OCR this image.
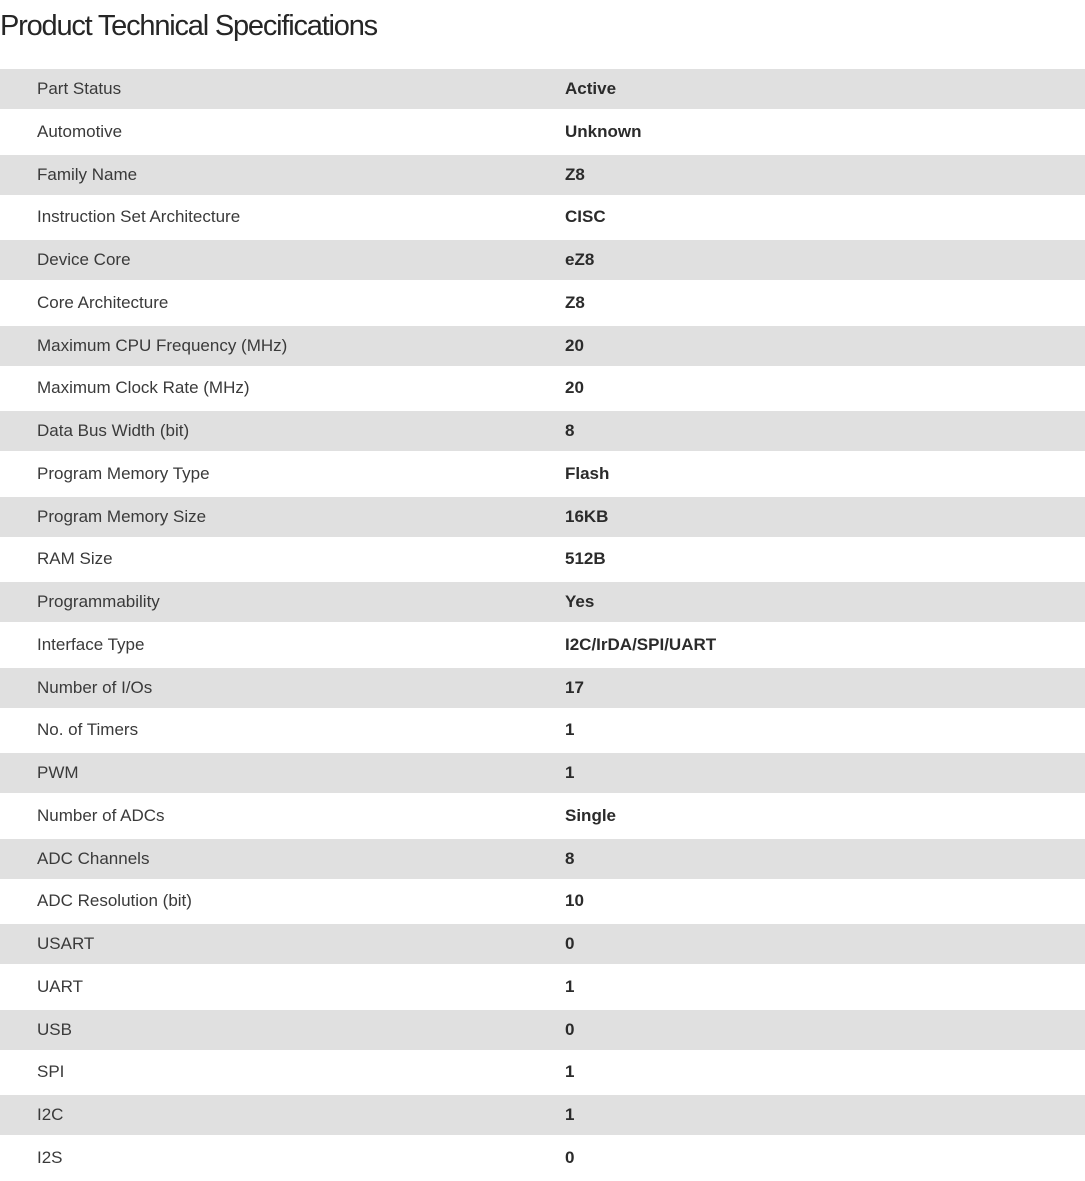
Product Technical Specifications
Part Status	Active
Automotive	Unknown
Family Name	Z8
Instruction Set Architecture	CISC
Device Core	eZ8
Core Architecture	Z8
Maximum CPU Frequency (MHz)	20
Maximum Clock Rate (MHz)	20
Data Bus Width (bit)	8
Program Memory Type	Flash
Program Memory Size	16KB
RAM Size	512B
Programmability	Yes
Interface Type	I2C/IrDA/SPI/UART
Number of I/Os	17
No. of Timers	1
PWM	1
Number of ADCs	Single
ADC Channels	8
ADC Resolution (bit)	10
USART	0
UART	1
USB	0
SPI	1
I2C	1
I2S	0
